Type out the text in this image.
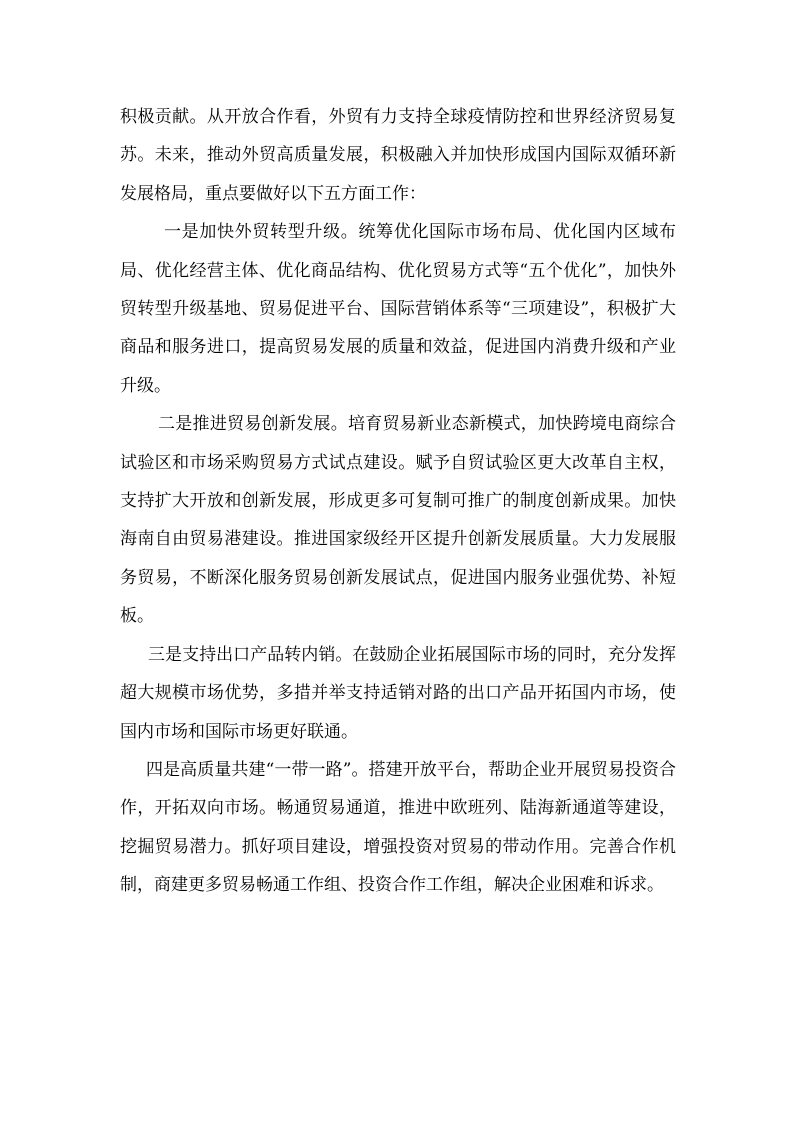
积极贡献。从开放合作看，外贸有力支持全球疫情防控和世界经济贸易复苏。未来，推动外贸高质量发展，积极融入并加快形成国内国际双循环新发展格局，重点要做好以下五方面工作：

一是加快外贸转型升级。统筹优化国际市场布局、优化国内区域布局、优化经营主体、优化商品结构、优化贸易方式等“五个优化”，加快外贸转型升级基地、贸易促进平台、国际营销体系等“三项建设”，积极扩大商品和服务进口，提高贸易发展的质量和效益，促进国内消费升级和产业升级。

二是推进贸易创新发展。培育贸易新业态新模式，加快跨境电商综合试验区和市场采购贸易方式试点建设。赋予自贸试验区更大改革自主权，支持扩大开放和创新发展，形成更多可复制可推广的制度创新成果。加快海南自由贸易港建设。推进国家级经开区提升创新发展质量。大力发展服务贸易，不断深化服务贸易创新发展试点，促进国内服务业强优势、补短板。

三是支持出口产品转内销。在鼓励企业拓展国际市场的同时，充分发挥超大规模市场优势，多措并举支持适销对路的出口产品开拓国内市场，使国内市场和国际市场更好联通。

四是高质量共建“一带一路”。搭建开放平台，帮助企业开展贸易投资合作，开拓双向市场。畅通贸易通道，推进中欧班列、陆海新通道等建设，挖掘贸易潜力。抓好项目建设，增强投资对贸易的带动作用。完善合作机制，商建更多贸易畅通工作组、投资合作工作组，解决企业困难和诉求。
